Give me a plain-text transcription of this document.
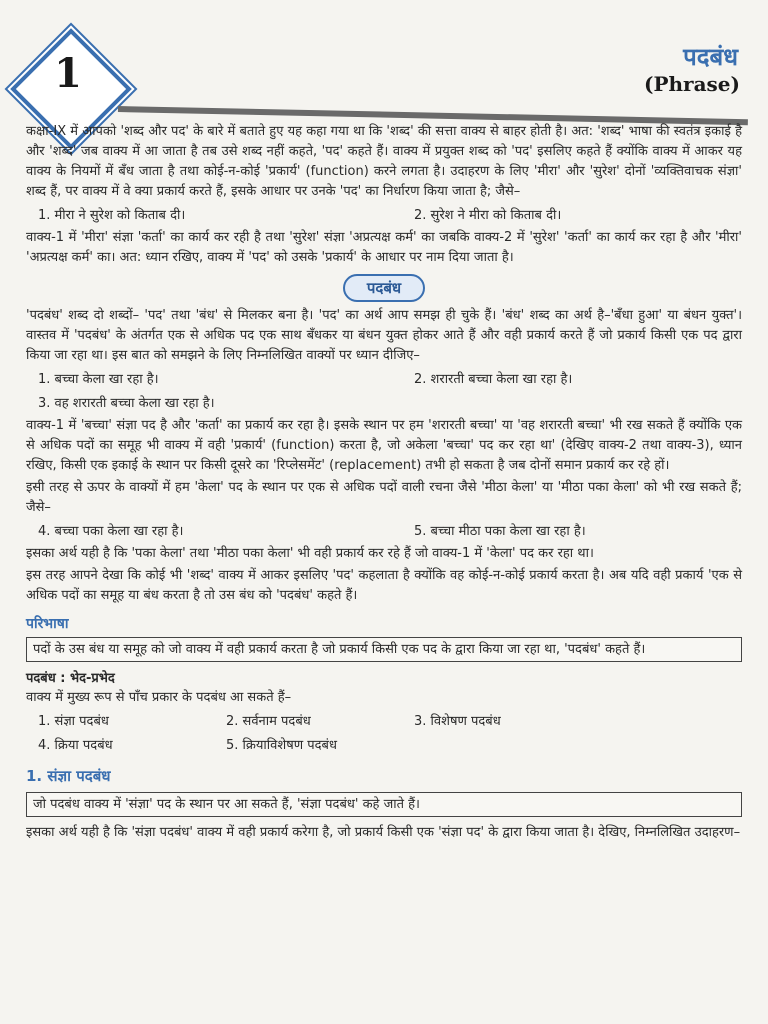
1	पदबंध
(Phrase)

कक्षा-IX में आपको 'शब्द और पद' के बारे में बताते हुए यह कहा गया था कि 'शब्द' की सत्ता वाक्य से बाहर होती है। अत: 'शब्द' भाषा की स्वतंत्र इकाई है और 'शब्द' जब वाक्य में आ जाता है तब उसे शब्द नहीं कहते, 'पद' कहते हैं। वाक्य में प्रयुक्त शब्द को 'पद' इसलिए कहते हैं क्योंकि वाक्य में आकर यह वाक्य के नियमों में बँध जाता है तथा कोई-न-कोई 'प्रकार्य' (function) करने लगता है। उदाहरण के लिए 'मीरा' और 'सुरेश' दोनों 'व्यक्तिवाचक संज्ञा' शब्द हैं, पर वाक्य में वे क्या प्रकार्य करते हैं, इसके आधार पर उनके 'पद' का निर्धारण किया जाता है; जैसे–

1. मीरा ने सुरेश को किताब दी।	2. सुरेश ने मीरा को किताब दी।

वाक्य-1 में 'मीरा' संज्ञा 'कर्ता' का कार्य कर रही है तथा 'सुरेश' संज्ञा 'अप्रत्यक्ष कर्म' का जबकि वाक्य-2 में 'सुरेश' 'कर्ता' का कार्य कर रहा है और 'मीरा' 'अप्रत्यक्ष कर्म' का। अत: ध्यान रखिए, वाक्य में 'पद' को उसके 'प्रकार्य' के आधार पर नाम दिया जाता है।

पदबंध

'पदबंध' शब्द दो शब्दों– 'पद' तथा 'बंध' से मिलकर बना है। 'पद' का अर्थ आप समझ ही चुके हैं। 'बंध' शब्द का अर्थ है–'बँधा हुआ' या बंधन युक्त'। वास्तव में 'पदबंध' के अंतर्गत एक से अधिक पद एक साथ बँधकर या बंधन युक्त होकर आते हैं और वही प्रकार्य करते हैं जो प्रकार्य किसी एक पद द्वारा किया जा रहा था। इस बात को समझने के लिए निम्नलिखित वाक्यों पर ध्यान दीजिए–

1. बच्चा केला खा रहा है।	2. शरारती बच्चा केला खा रहा है।
3. वह शरारती बच्चा केला खा रहा है।

वाक्य-1 में 'बच्चा' संज्ञा पद है और 'कर्ता' का प्रकार्य कर रहा है। इसके स्थान पर हम 'शरारती बच्चा' या 'वह शरारती बच्चा' भी रख सकते हैं क्योंकि एक से अधिक पदों का समूह भी वाक्य में वही 'प्रकार्य' (function) करता है, जो अकेला 'बच्चा' पद कर रहा था' (देखिए वाक्य-2 तथा वाक्य-3), ध्यान रखिए, किसी एक इकाई के स्थान पर किसी दूसरे का 'रिप्लेसमेंट' (replacement) तभी हो सकता है जब दोनों समान प्रकार्य कर रहे हों।

इसी तरह से ऊपर के वाक्यों में हम 'केला' पद के स्थान पर एक से अधिक पदों वाली रचना जैसे 'मीठा केला' या 'मीठा पका केला' को भी रख सकते हैं; जैसे–

4. बच्चा पका केला खा रहा है।	5. बच्चा मीठा पका केला खा रहा है।

इसका अर्थ यही है कि 'पका केला' तथा 'मीठा पका केला' भी वही प्रकार्य कर रहे हैं जो वाक्य-1 में 'केला' पद कर रहा था।

इस तरह आपने देखा कि कोई भी 'शब्द' वाक्य में आकर इसलिए 'पद' कहलाता है क्योंकि वह कोई-न-कोई प्रकार्य करता है। अब यदि वही प्रकार्य 'एक से अधिक पदों का समूह या बंध करता है तो उस बंध को 'पदबंध' कहते हैं।

परिभाषा
पदों के उस बंध या समूह को जो वाक्य में वही प्रकार्य करता है जो प्रकार्य किसी एक पद के द्वारा किया जा रहा था, 'पदबंध' कहते हैं।
पदबंध : भेद-प्रभेद

वाक्य में मुख्य रूप से पाँच प्रकार के पदबंध आ सकते हैं–

1. संज्ञा पदबंध	2. सर्वनाम पदबंध	3. विशेषण पदबंध
4. क्रिया पदबंध	5. क्रियाविशेषण पदबंध
1. संज्ञा पदबंध
जो पदबंध वाक्य में 'संज्ञा' पद के स्थान पर आ सकते हैं, 'संज्ञा पदबंध' कहे जाते हैं।

इसका अर्थ यही है कि 'संज्ञा पदबंध' वाक्य में वही प्रकार्य करेगा है, जो प्रकार्य किसी एक 'संज्ञा पद' के द्वारा किया जाता है। देखिए, निम्नलिखित उदाहरण–
